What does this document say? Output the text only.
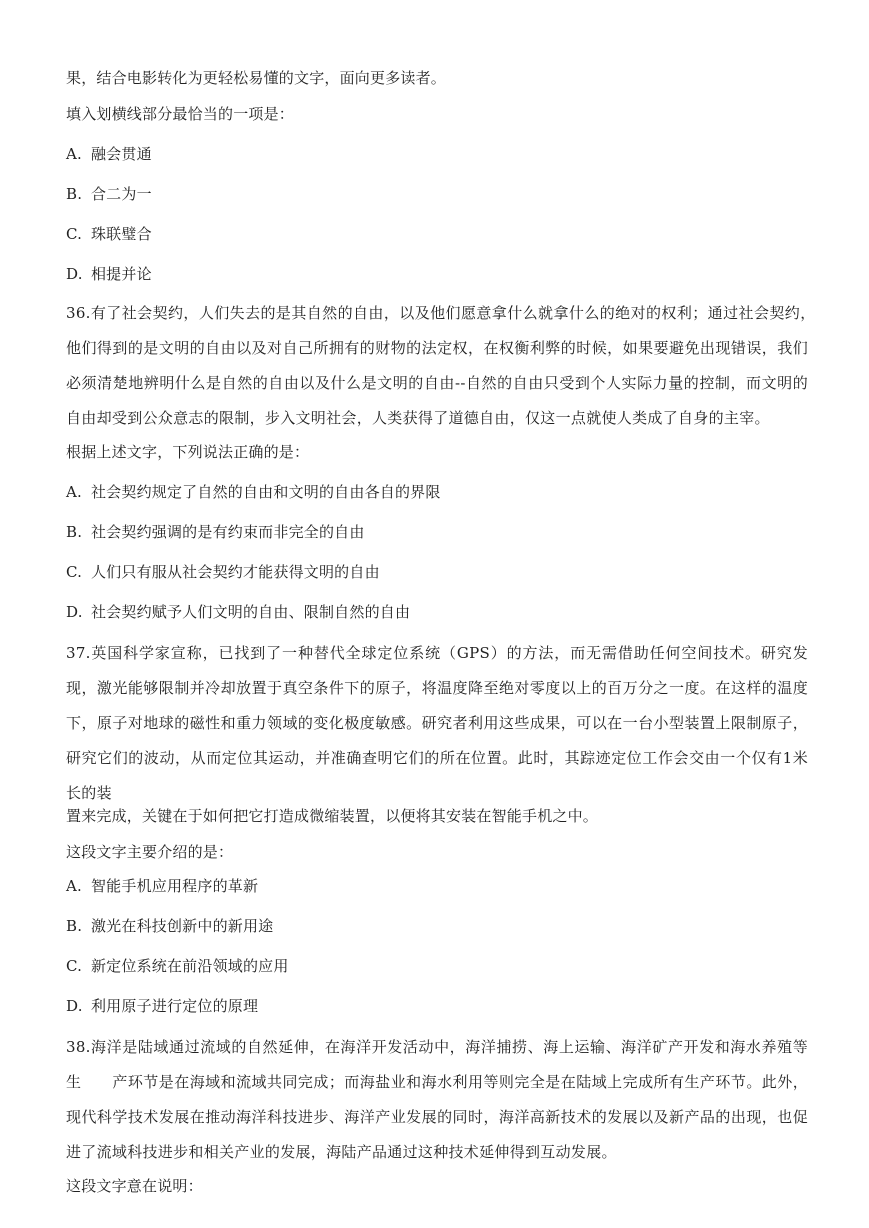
果，结合电影转化为更轻松易懂的文字，面向更多读者。
填入划横线部分最恰当的一项是：
A. 融会贯通
B. 合二为一
C. 珠联璧合
D. 相提并论
36.有了社会契约，人们失去的是其自然的自由，以及他们愿意拿什么就拿什么的绝对的权利；通过社会契约，　　他们得到的是文明的自由以及对自己所拥有的财物的法定权，在权衡利弊的时候，如果要避免出现错误，我们必须清楚地辨明什么是自然的自由以及什么是文明的自由--自然的自由只受到个人实际力量的控制，而文明的自由却受到公众意志的限制，步入文明社会，人类获得了道德自由，仅这一点就使人类成了自身的主宰。
根据上述文字，下列说法正确的是：
A. 社会契约规定了自然的自由和文明的自由各自的界限
B. 社会契约强调的是有约束而非完全的自由
C. 人们只有服从社会契约才能获得文明的自由
D. 社会契约赋予人们文明的自由、限制自然的自由
37.英国科学家宣称，已找到了一种替代全球定位系统（GPS）的方法，而无需借助任何空间技术。研究发现，激光能够限制并冷却放置于真空条件下的原子，将温度降至绝对零度以上的百万分之一度。在这样的温度下，原子对地球的磁性和重力领域的变化极度敏感。研究者利用这些成果，可以在一台小型装置上限制原子，研究它们的波动，从而定位其运动，并准确查明它们的所在位置。此时，其踪迹定位工作会交由一个仅有1米长的装
置来完成，关键在于如何把它打造成微缩装置，以便将其安装在智能手机之中。
这段文字主要介绍的是：
A. 智能手机应用程序的革新
B. 激光在科技创新中的新用途
C. 新定位系统在前沿领域的应用
D. 利用原子进行定位的原理
38.海洋是陆域通过流域的自然延伸，在海洋开发活动中，海洋捕捞、海上运输、海洋矿产开发和海水养殖等生　　产环节是在海域和流域共同完成；而海盐业和海水利用等则完全是在陆域上完成所有生产环节。此外，现代科学技术发展在推动海洋科技进步、海洋产业发展的同时，海洋高新技术的发展以及新产品的出现，也促进了流域科技进步和相关产业的发展，海陆产品通过这种技术延伸得到互动发展。
这段文字意在说明：
